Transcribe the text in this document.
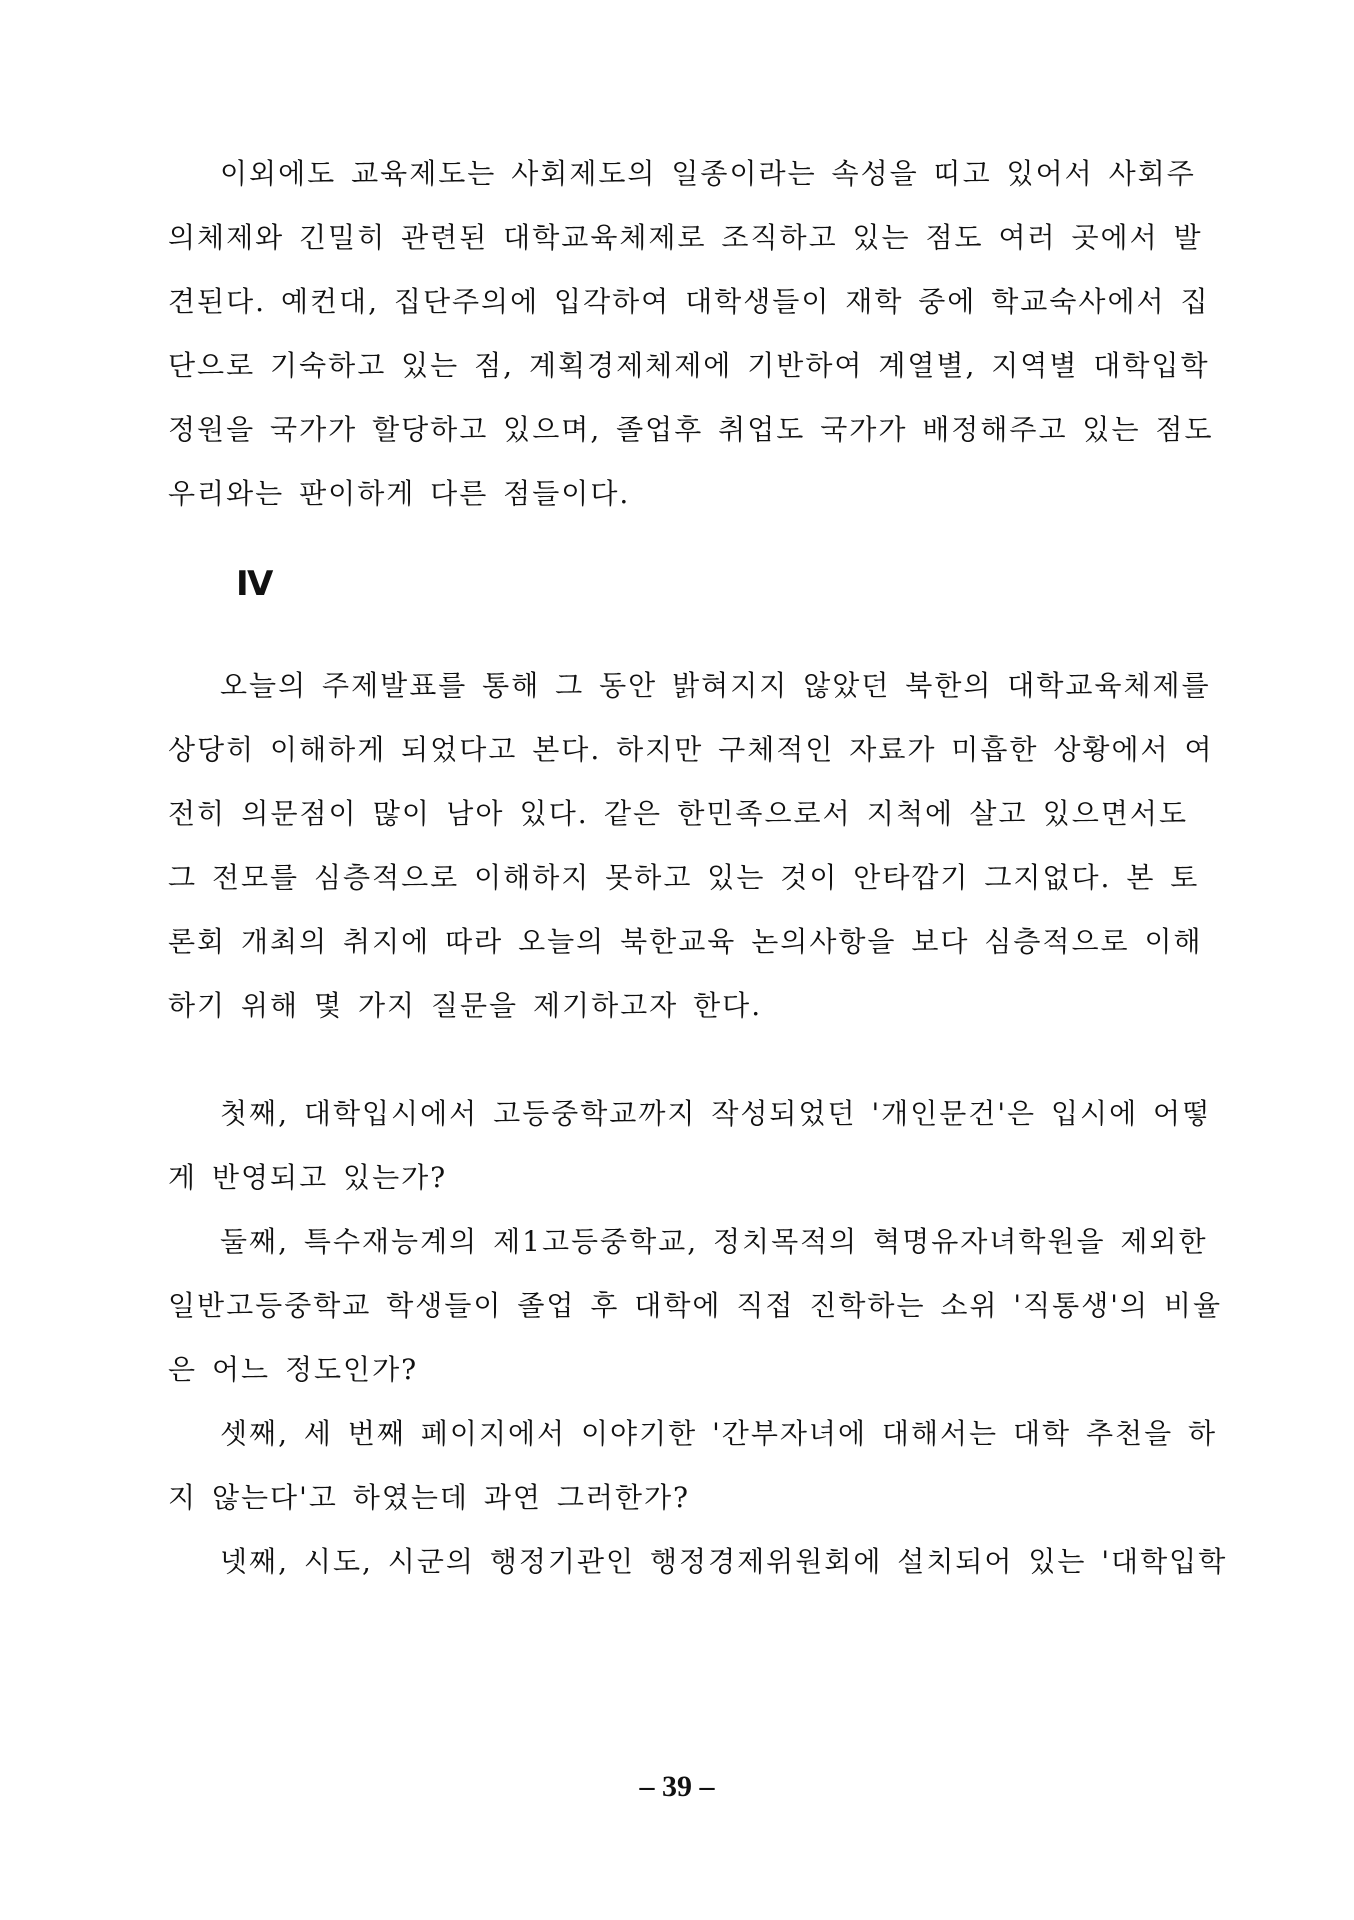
이외에도 교육제도는 사회제도의 일종이라는 속성을 띠고 있어서 사회주
의체제와 긴밀히 관련된 대학교육체제로 조직하고 있는 점도 여러 곳에서 발
견된다. 예컨대, 집단주의에 입각하여 대학생들이 재학 중에 학교숙사에서 집
단으로 기숙하고 있는 점, 계획경제체제에 기반하여 계열별, 지역별 대학입학
정원을 국가가 할당하고 있으며, 졸업후 취업도 국가가 배정해주고 있는 점도
우리와는 판이하게 다른 점들이다.
Ⅳ
오늘의 주제발표를 통해 그 동안 밝혀지지 않았던 북한의 대학교육체제를
상당히 이해하게 되었다고 본다. 하지만 구체적인 자료가 미흡한 상황에서 여
전히 의문점이 많이 남아 있다. 같은 한민족으로서 지척에 살고 있으면서도
그 전모를 심층적으로 이해하지 못하고 있는 것이 안타깝기 그지없다. 본 토
론회 개최의 취지에 따라 오늘의 북한교육 논의사항을 보다 심층적으로 이해
하기 위해 몇 가지 질문을 제기하고자 한다.
첫째, 대학입시에서 고등중학교까지 작성되었던 '개인문건'은 입시에 어떻
게 반영되고 있는가?
둘째, 특수재능계의 제1고등중학교, 정치목적의 혁명유자녀학원을 제외한
일반고등중학교 학생들이 졸업 후 대학에 직접 진학하는 소위 '직통생'의 비율
은 어느 정도인가?
셋째, 세 번째 페이지에서 이야기한 '간부자녀에 대해서는 대학 추천을 하
지 않는다'고 하였는데 과연 그러한가?
넷째, 시도, 시군의 행정기관인 행정경제위원회에 설치되어 있는 '대학입학
– 39 –
